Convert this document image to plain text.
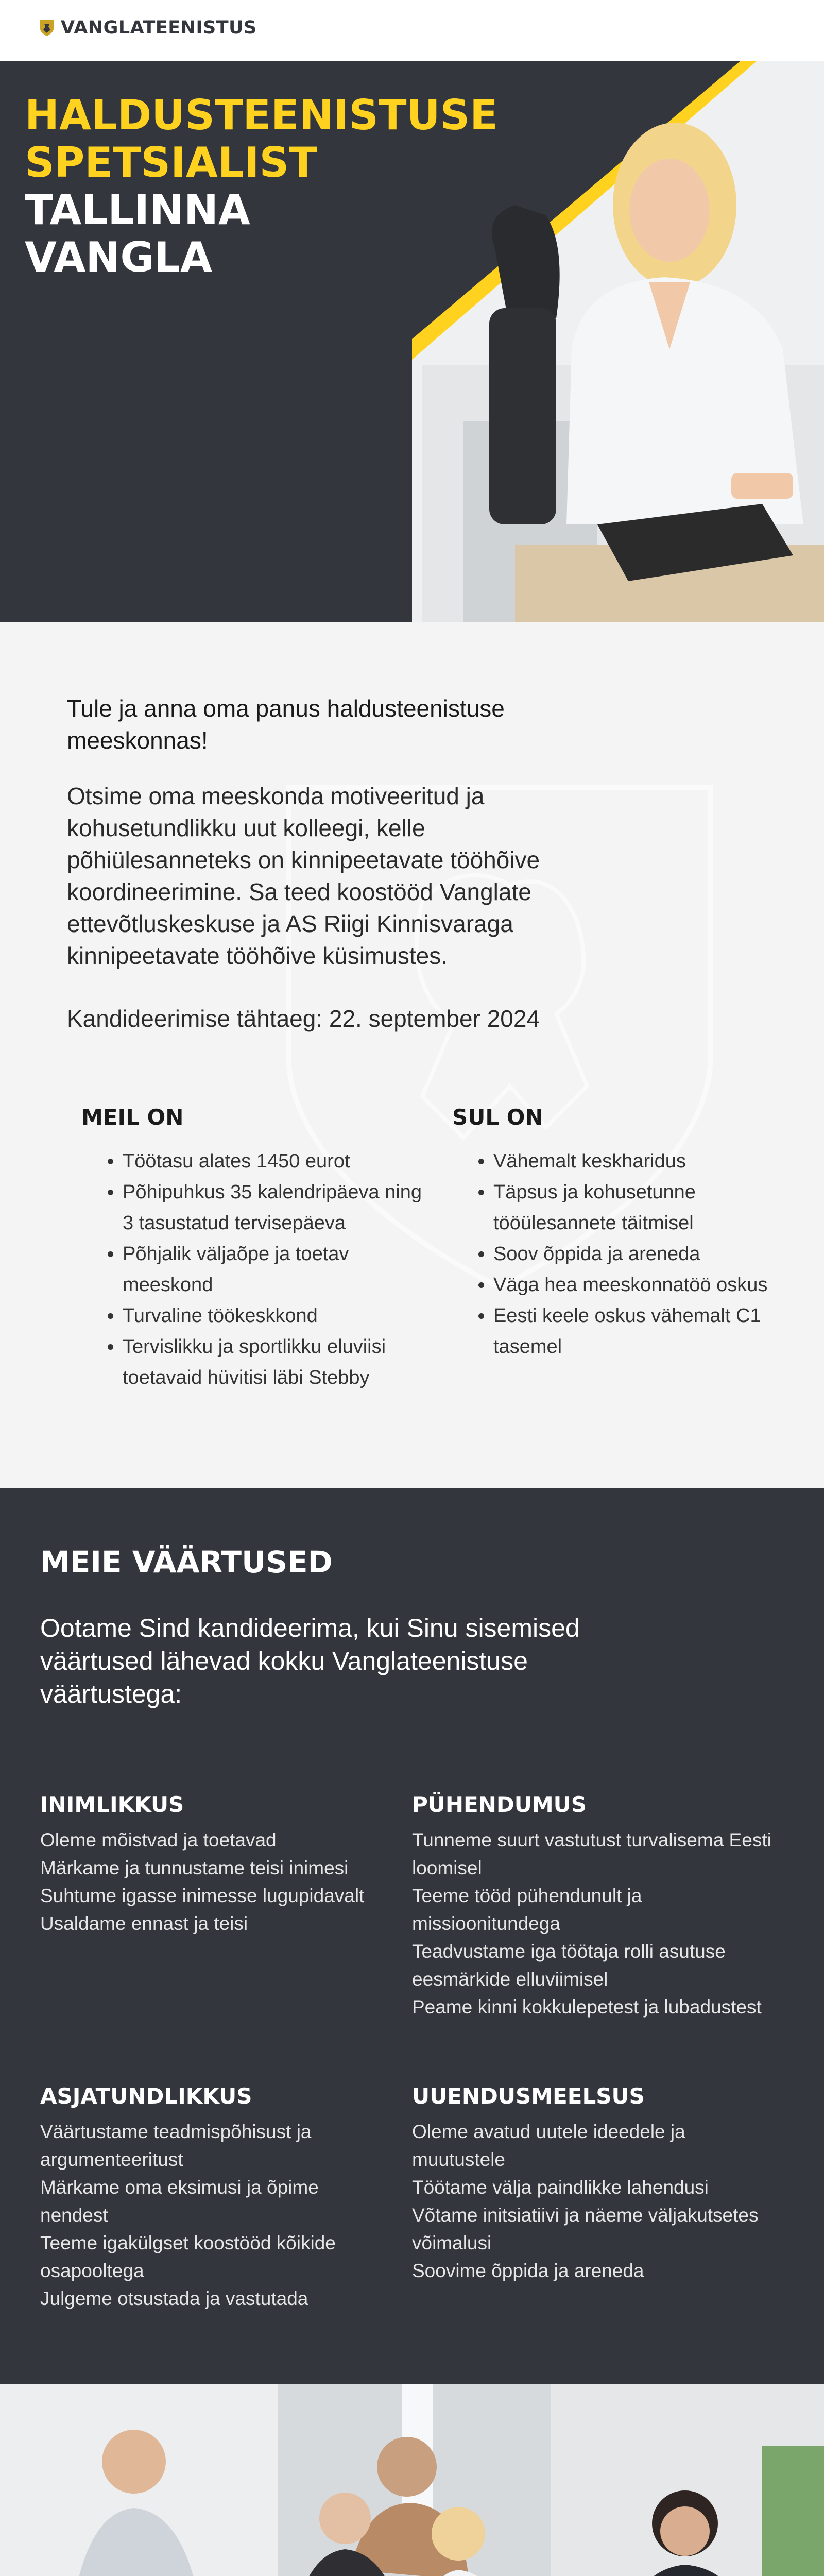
VANGLATEENISTUS
HALDUSTEENISTUSE
SPETSIALIST
TALLINNA
VANGLA
Tule ja anna oma panus haldusteenistuse meeskonnas!
Otsime oma meeskonda motiveeritud ja kohusetundlikku uut kolleegi, kelle põhiülesanneteks on kinnipeetavate tööhõive koordineerimine. Sa teed koostööd Vanglate ettevõtluskeskuse ja AS Riigi Kinnisvaraga kinnipeetavate tööhõive küsimustes.
Kandideerimise tähtaeg: 22. september 2024
MEIL ON
• Töötasu alates 1450 eurot
• Põhipuhkus 35 kalendripäeva ning 3 tasustatud tervisepäeva
• Põhjalik väljaõpe ja toetav meeskond
• Turvaline töökeskkond
• Tervislikku ja sportlikku eluviisi toetavaid hüvitisi läbi Stebby
SUL ON
• Vähemalt keskharidus
• Täpsus ja kohusetunne tööülesannete täitmisel
• Soov õppida ja areneda
• Väga hea meeskonnatöö oskus
• Eesti keele oskus vähemalt C1 tasemel
MEIE VÄÄRTUSED
Ootame Sind kandideerima, kui Sinu sisemised väärtused lähevad kokku Vanglateenistuse väärtustega:
INIMLIKKUS

Oleme mõistvad ja toetavad

Märkame ja tunnustame teisi inimesi

Suhtume igasse inimesse lugupidavalt

Usaldame ennast ja teisi

PÜHENDUMUS

Tunneme suurt vastutust turvalisema Eesti loomisel

Teeme tööd pühendunult ja missioonitundega

Teadvustame iga töötaja rolli asutuse eesmärkide elluviimisel

Peame kinni kokkulepetest ja lubadustest

ASJATUNDLIKKUS

Väärtustame teadmispõhisust ja argumenteeritust

Märkame oma eksimusi ja õpime nendest

Teeme igakülgset koostööd kõikide osapooltega

Julgeme otsustada ja vastutada

UUENDUSMEELSUS

Oleme avatud uutele ideedele ja muutustele

Töötame välja paindlikke lahendusi

Võtame initsiatiivi ja näeme väljakutsetes võimalusi

Soovime õppida ja areneda
